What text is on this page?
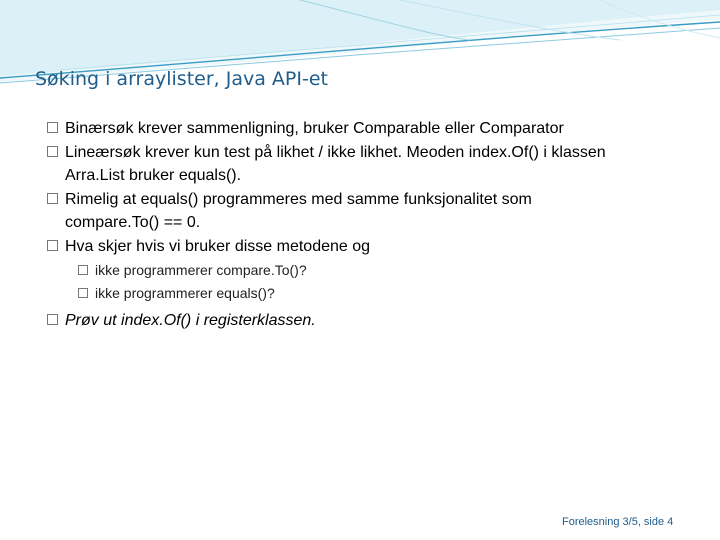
Søking i arraylister, Java API-et
Binærsøk krever sammenligning, bruker Comparable eller Comparator
Lineærsøk krever kun test på likhet / ikke likhet. Meoden index.Of() i klassen
Arra.List bruker equals().
Rimelig at equals() programmeres med samme funksjonalitet som
compare.To() == 0.
Hva skjer hvis vi bruker disse metodene og
ikke programmerer compare.To()?
ikke programmerer equals()?
Prøv ut index.Of() i registerklassen.
Forelesning 3/5, side 4
